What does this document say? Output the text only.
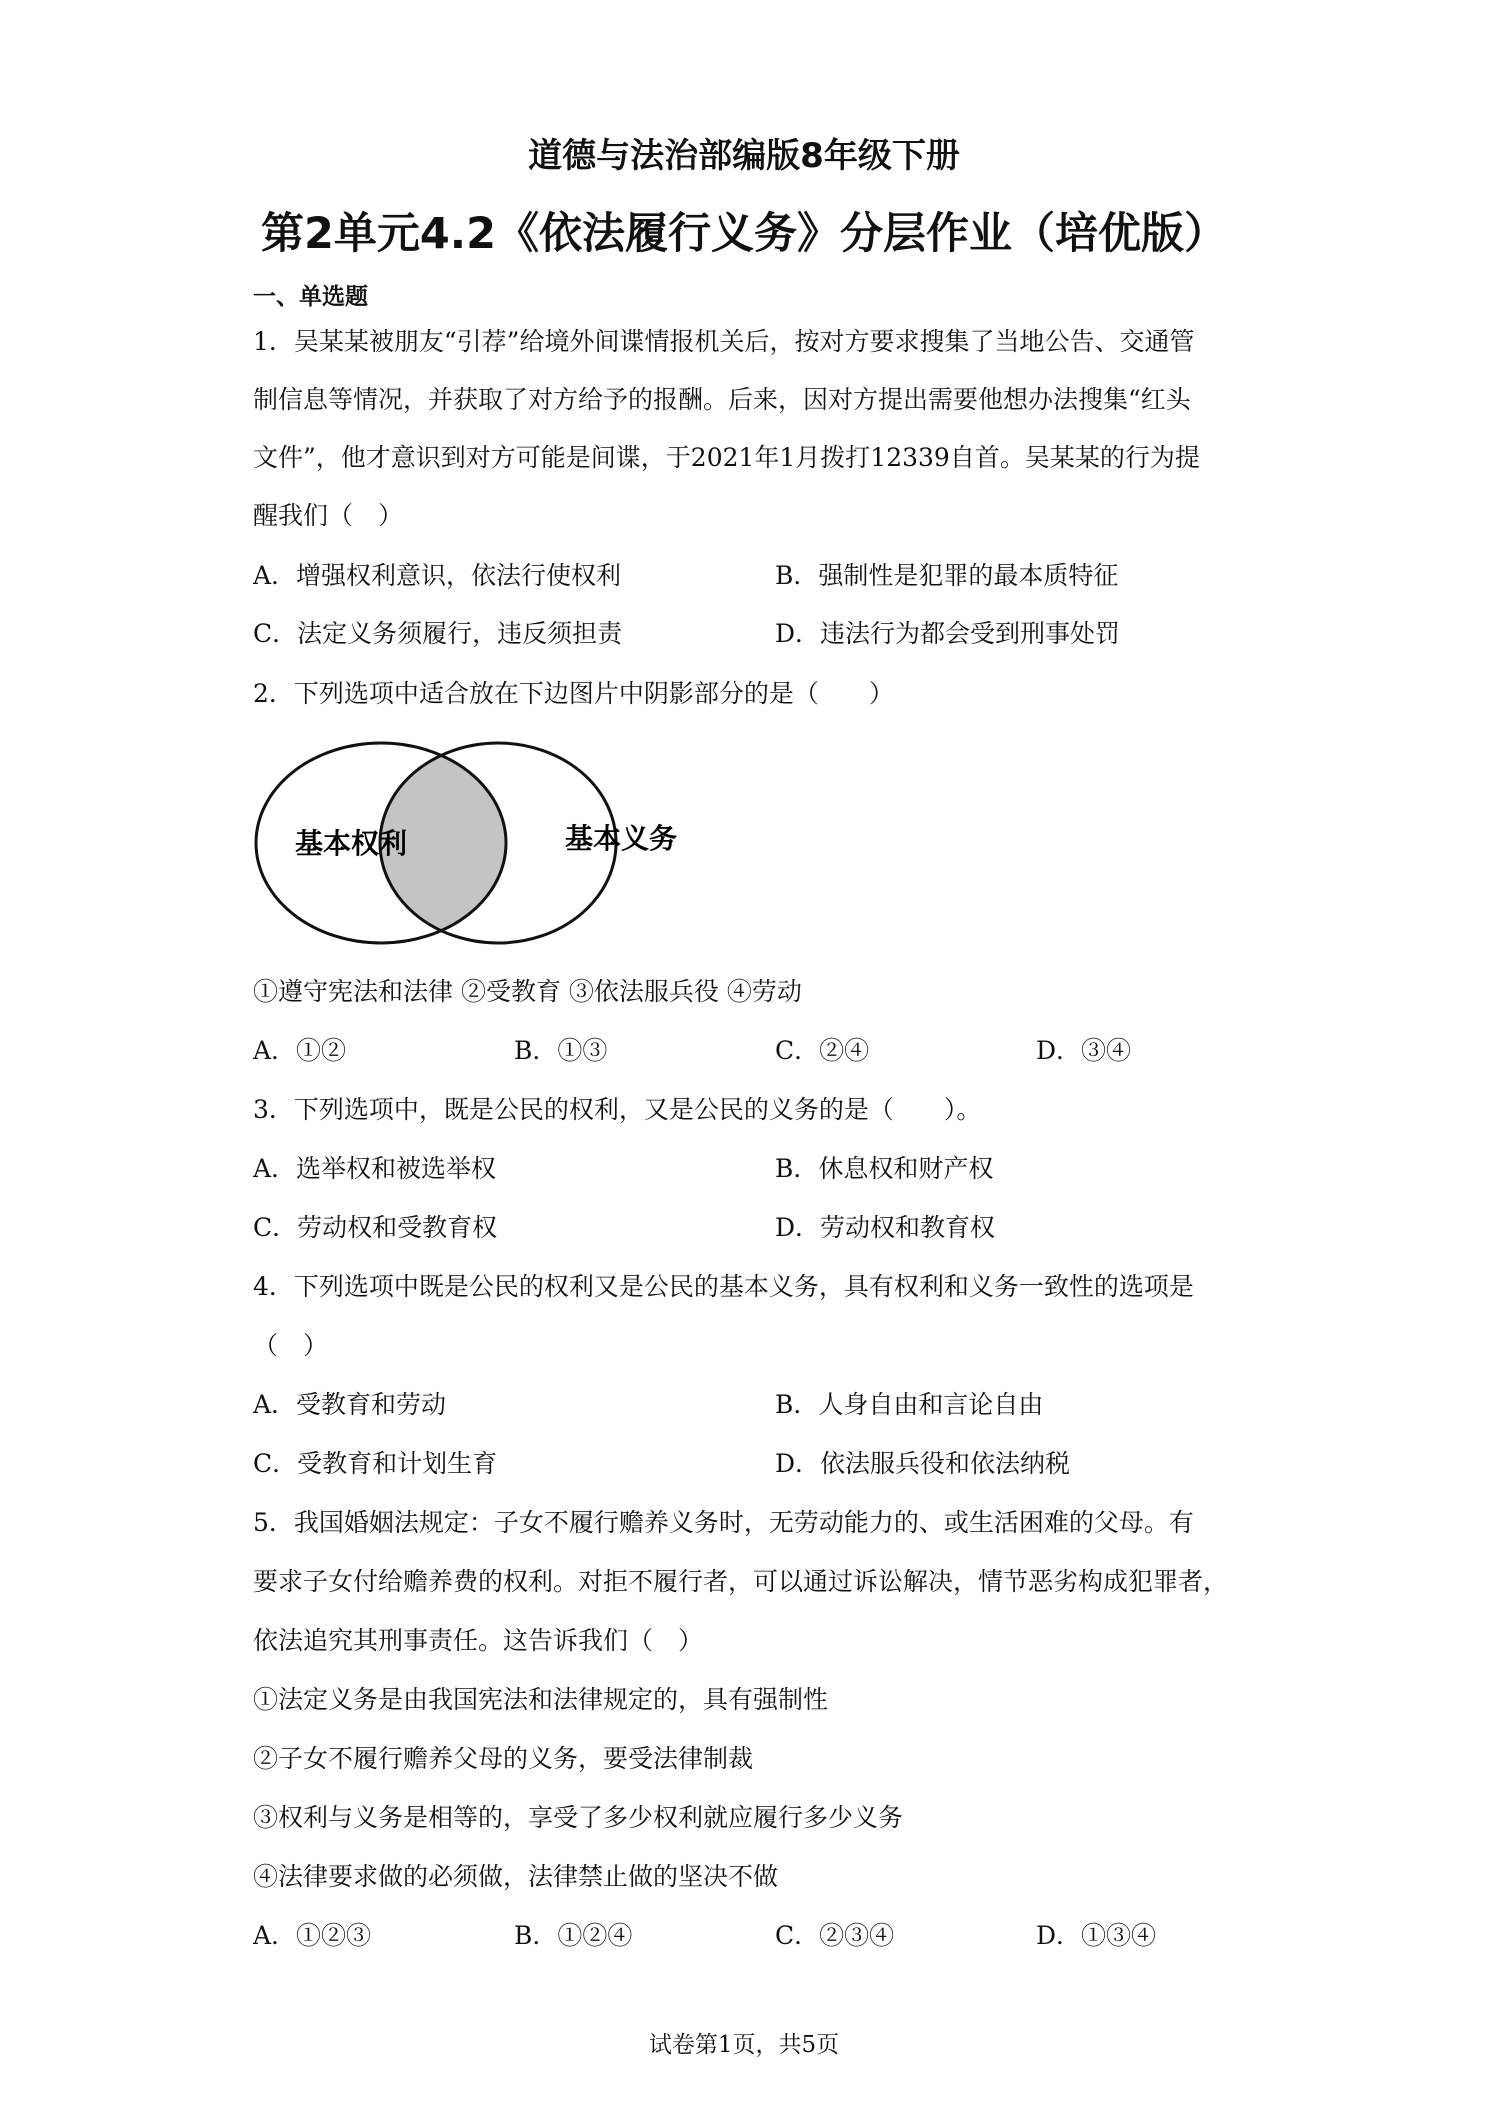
道德与法治部编版8年级下册
第2单元4.2《依法履行义务》分层作业（培优版）
一、单选题
1．吴某某被朋友“引荐”给境外间谍情报机关后，按对方要求搜集了当地公告、交通管
制信息等情况，并获取了对方给予的报酬。后来，因对方提出需要他想办法搜集“红头
文件”，他才意识到对方可能是间谍，于2021年1月拨打12339自首。吴某某的行为提
醒我们（　）
A．增强权利意识，依法行使权利	B．强制性是犯罪的最本质特征
C．法定义务须履行，违反须担责	D．违法行为都会受到刑事处罚
2．下列选项中适合放在下边图片中阴影部分的是（　　）
基本权利	基本义务
①遵守宪法和法律 ②受教育 ③依法服兵役 ④劳动
A．①②	B．①③	C．②④	D．③④
3．下列选项中，既是公民的权利，又是公民的义务的是（　　）。
A．选举权和被选举权	B．休息权和财产权
C．劳动权和受教育权	D．劳动权和教育权
4．下列选项中既是公民的权利又是公民的基本义务，具有权利和义务一致性的选项是
（　）
A．受教育和劳动	B．人身自由和言论自由
C．受教育和计划生育	D．依法服兵役和依法纳税
5．我国婚姻法规定：子女不履行赡养义务时，无劳动能力的、或生活困难的父母。有
要求子女付给赡养费的权利。对拒不履行者，可以通过诉讼解决，情节恶劣构成犯罪者，
依法追究其刑事责任。这告诉我们（　）
①法定义务是由我国宪法和法律规定的，具有强制性
②子女不履行赡养父母的义务，要受法律制裁
③权利与义务是相等的，享受了多少权利就应履行多少义务
④法律要求做的必须做，法律禁止做的坚决不做
A．①②③	B．①②④	C．②③④	D．①③④
试卷第1页，共5页
